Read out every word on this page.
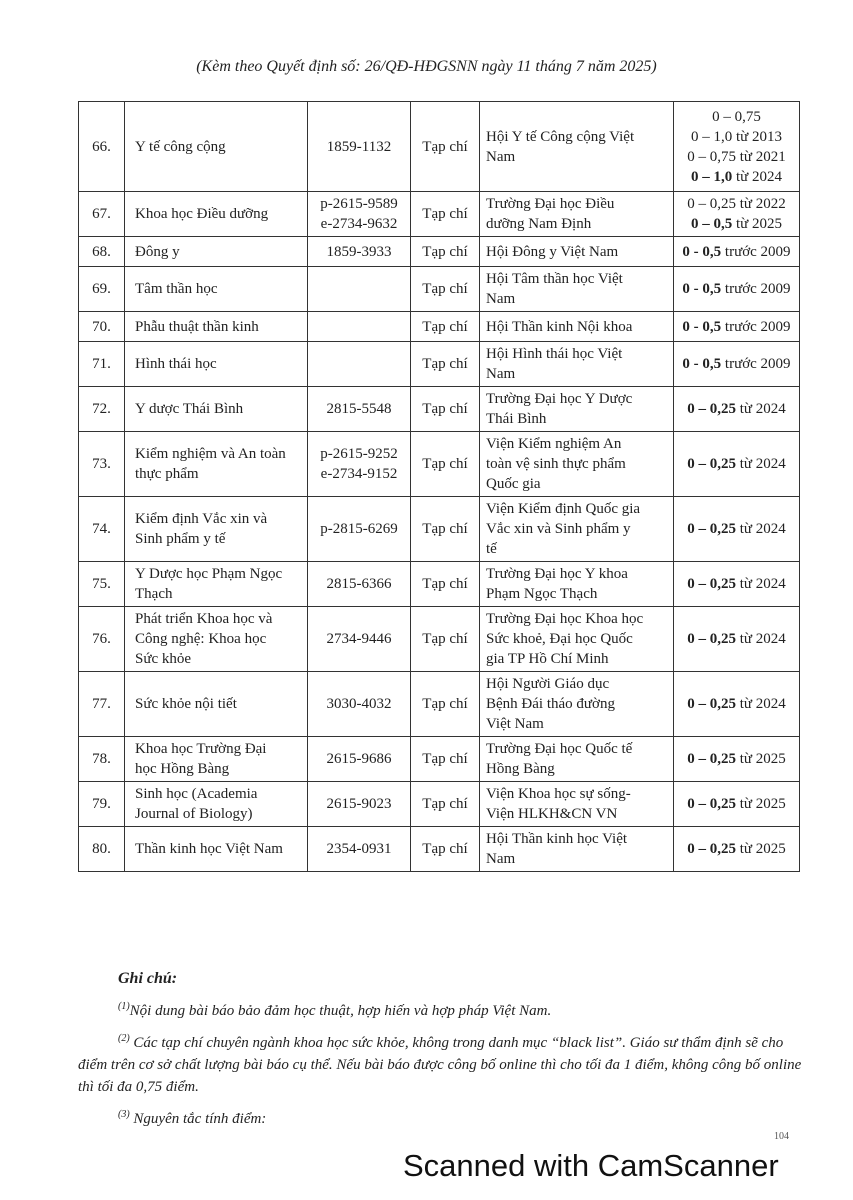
(Kèm theo Quyết định số: 26/QĐ-HĐGSNN ngày 11 tháng 7 năm 2025)
66.	Y tế công cộng	1859-1132	Tạp chí	Hội Y tế Công cộng Việt
Nam	0 – 0,75
0 – 1,0 từ 2013
0 – 0,75 từ 2021
0 – 1,0 từ 2024

67.	Khoa học Điều dưỡng	p-2615-9589
e-2734-9632	Tạp chí	Trường Đại học Điều
dưỡng Nam Định	0 – 0,25 từ 2022
0 – 0,5 từ 2025

68.	Đông y	1859-3933	Tạp chí	Hội Đông y Việt Nam	0 - 0,5 trước 2009

69.	Tâm thần học		Tạp chí	Hội Tâm thần học Việt
Nam	0 - 0,5 trước 2009

70.	Phẫu thuật thần kinh		Tạp chí	Hội Thần kinh Nội khoa	0 - 0,5 trước 2009

71.	Hình thái học		Tạp chí	Hội Hình thái học Việt
Nam	0 - 0,5 trước 2009

72.	Y dược Thái Bình	2815-5548	Tạp chí	Trường Đại học Y Dược
Thái Bình	0 – 0,25 từ 2024

73.	Kiểm nghiệm và An toàn
thực phẩm	p-2615-9252
e-2734-9152	Tạp chí	Viện Kiểm nghiệm An
toàn vệ sinh thực phẩm
Quốc gia	0 – 0,25 từ 2024

74.	Kiểm định Vắc xin và
Sinh phẩm y tế	p-2815-6269	Tạp chí	Viện Kiểm định Quốc gia
Vắc xin và Sinh phẩm y
tế	0 – 0,25 từ 2024

75.	Y Dược học Phạm Ngọc
Thạch	2815-6366	Tạp chí	Trường Đại học Y khoa
Phạm Ngọc Thạch	0 – 0,25 từ 2024

76.	Phát triển Khoa học và
Công nghệ: Khoa học
Sức khỏe	2734-9446	Tạp chí	Trường Đại học Khoa học
Sức khoẻ, Đại học Quốc
gia TP Hồ Chí Minh	0 – 0,25 từ 2024

77.	Sức khỏe nội tiết	3030-4032	Tạp chí	Hội Người Giáo dục
Bệnh Đái tháo đường
Việt Nam	0 – 0,25 từ 2024

78.	Khoa học Trường Đại
học Hồng Bàng	2615-9686	Tạp chí	Trường Đại học Quốc tế
Hồng Bàng	0 – 0,25 từ 2025

79.	Sinh học (Academia
Journal of Biology)	2615-9023	Tạp chí	Viện Khoa học sự sống-
Viện HLKH&CN VN	0 – 0,25 từ 2025

80.	Thần kinh học Việt Nam	2354-0931	Tạp chí	Hội Thần kinh học Việt
Nam	0 – 0,25 từ 2025
Ghi chú:

$^{(1)}$Nội dung bài báo bảo đảm học thuật, hợp hiến và hợp pháp Việt Nam.

$^{(2)}$ Các tạp chí chuyên ngành khoa học sức khỏe, không trong danh mục “black list”. Giáo sư thẩm định sẽ cho điểm trên cơ sở chất lượng bài báo cụ thể. Nếu bài báo được công bố online thì cho tối đa 1 điểm, không công bố online thì tối đa 0,75 điểm.

$^{(3)}$ Nguyên tắc tính điểm:

104
Scanned with CamScanner
